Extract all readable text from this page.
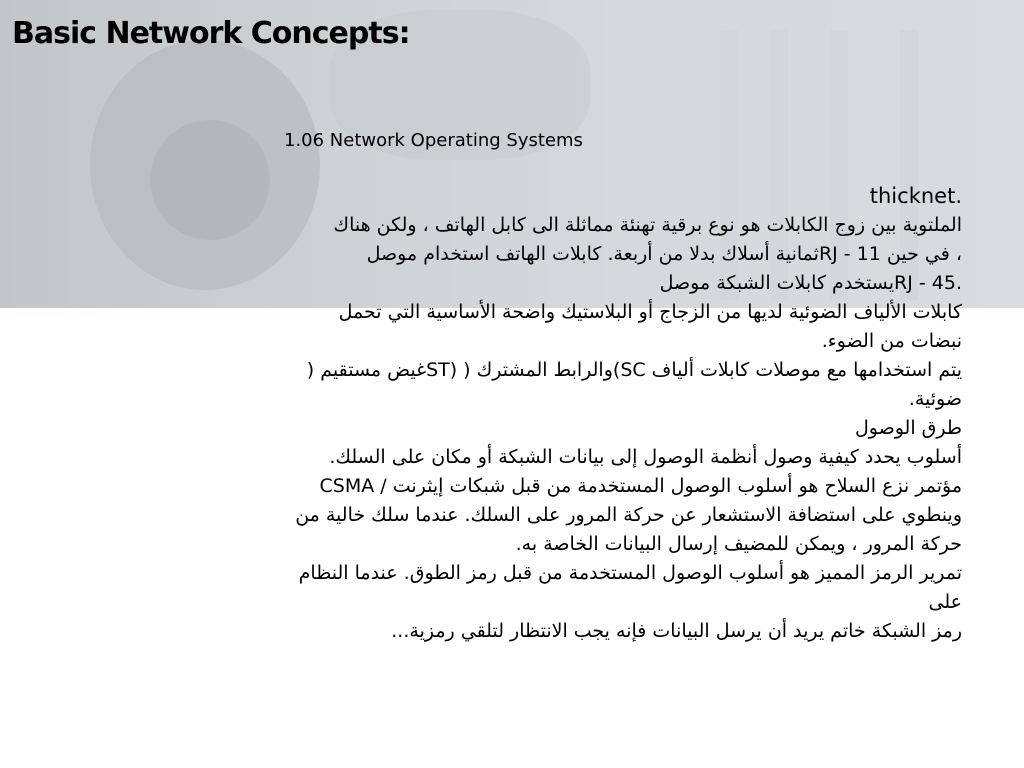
Basic Network Concepts:
1.06 Network Operating Systems

thicknet.

الملتوية بين زوج الكابلات هو نوع برقية تهنئة مماثلة الى كابل الهاتف ، ولكن هناك

، في حين RJ - 11ثمانية أسلاك بدلا من أربعة. كابلات الهاتف استخدام موصل

.RJ - 45يستخدم كابلات الشبكة موصل

كابلات الألياف الضوئية لديها من الزجاج أو البلاستيك واضحة الأساسية التي تحمل

نبضات من الضوء.

يتم استخدامها مع موصلات كابلات ألياف SC)والرابط المشترك ( (STغيض مستقيم (

ضوئية.

طرق الوصول

أسلوب يحدد كيفية وصول أنظمة الوصول إلى بيانات الشبكة أو مكان على السلك.

مؤتمر نزع السلاح هو أسلوب الوصول المستخدمة من قبل شبكات إيثرنت / CSMA

وينطوي على استضافة الاستشعار عن حركة المرور على السلك. عندما سلك خالية من

حركة المرور ، ويمكن للمضيف إرسال البيانات الخاصة به.

تمرير الرمز المميز هو أسلوب الوصول المستخدمة من قبل رمز الطوق. عندما النظام

على

رمز الشبكة خاتم يريد أن يرسل البيانات فإنه يجب الانتظار لتلقي رمزية...
